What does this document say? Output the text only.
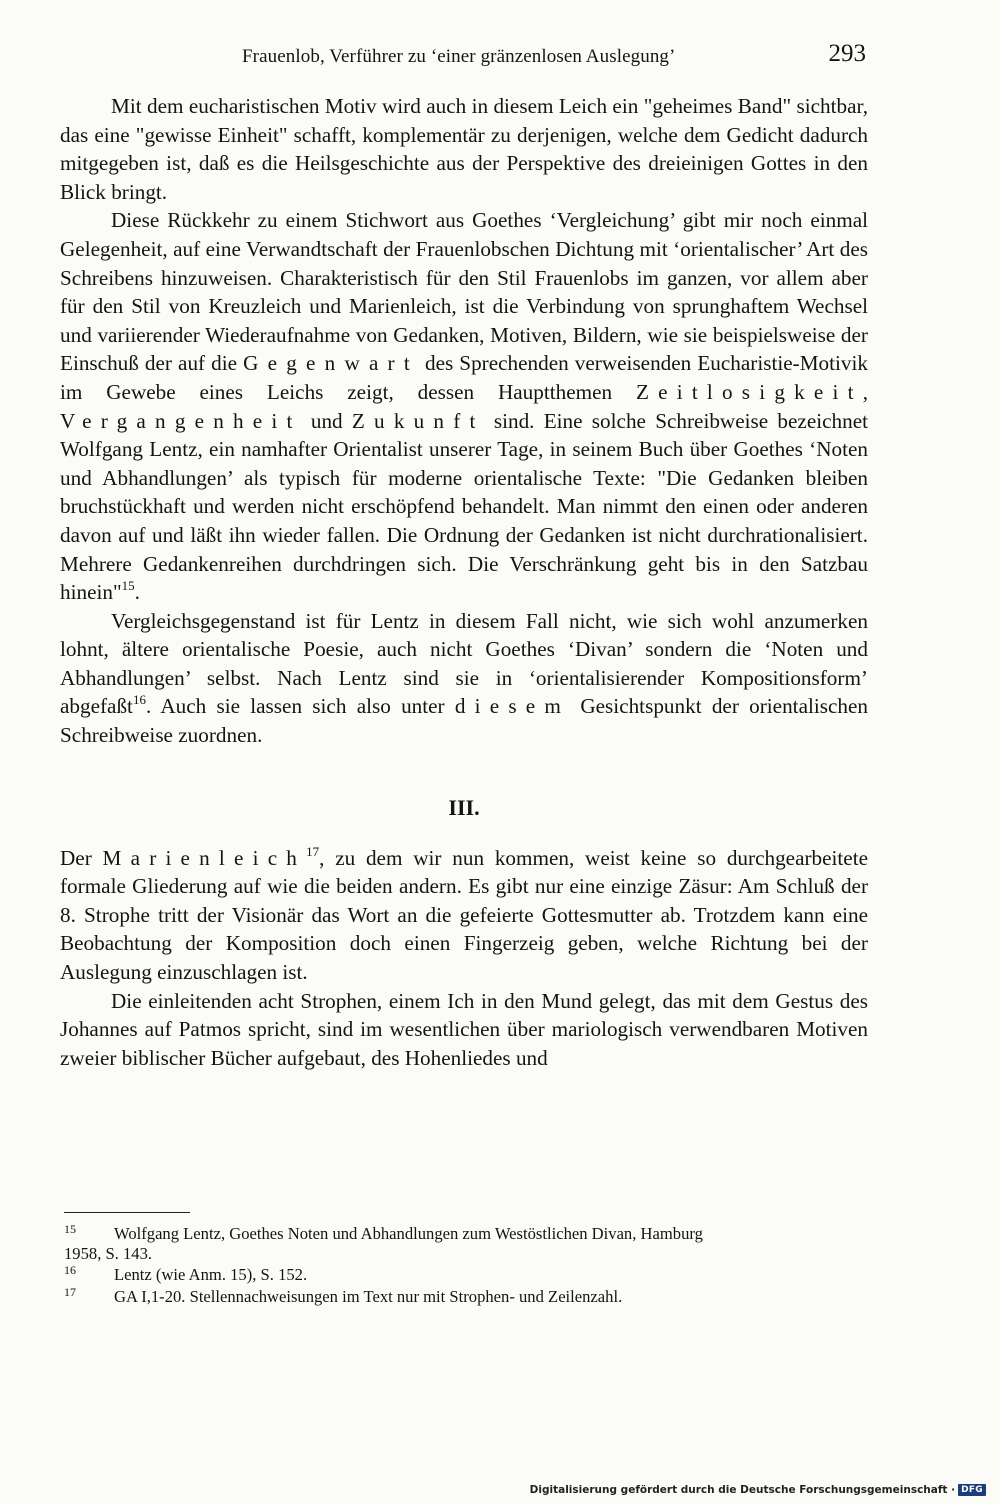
Frauenlob, Verführer zu ‘einer gränzenlosen Auslegung’	293

Mit dem eucharistischen Motiv wird auch in diesem Leich ein "geheimes Band" sichtbar, das eine "gewisse Einheit" schafft, komplementär zu derjenigen, welche dem Gedicht dadurch mitgegeben ist, daß es die Heilsgeschichte aus der Perspektive des dreieinigen Gottes in den Blick bringt.

Diese Rückkehr zu einem Stichwort aus Goethes ‘Vergleichung’ gibt mir noch einmal Gelegenheit, auf eine Verwandtschaft der Frauenlobschen Dichtung mit ‘orientalischer’ Art des Schreibens hinzuweisen. Charakteristisch für den Stil Frauenlobs im ganzen, vor allem aber für den Stil von Kreuzleich und Marienleich, ist die Verbindung von sprunghaftem Wechsel und variierender Wiederaufnahme von Gedanken, Motiven, Bildern, wie sie beispielsweise der Einschuß der auf die Gegenwart des Sprechenden verweisenden Eucharistie-Motivik im Gewebe eines Leichs zeigt, dessen Hauptthemen Zeitlosigkeit, Vergangenheit und Zukunft sind. Eine solche Schreibweise bezeichnet Wolfgang Lentz, ein namhafter Orientalist unserer Tage, in seinem Buch über Goethes ‘Noten und Abhandlungen’ als typisch für moderne orientalische Texte: "Die Gedanken bleiben bruchstückhaft und werden nicht erschöpfend behandelt. Man nimmt den einen oder anderen davon auf und läßt ihn wieder fallen. Die Ordnung der Gedanken ist nicht durchrationalisiert. Mehrere Gedankenreihen durchdringen sich. Die Verschränkung geht bis in den Satzbau hinein"$^{15}$.

Vergleichsgegenstand ist für Lentz in diesem Fall nicht, wie sich wohl anzumerken lohnt, ältere orientalische Poesie, auch nicht Goethes ‘Divan’ sondern die ‘Noten und Abhandlungen’ selbst. Nach Lentz sind sie in ‘orientalisierender Kompositionsform’ abgefaßt$^{16}$. Auch sie lassen sich also unter diesem Gesichtspunkt der orientalischen Schreibweise zuordnen.

III.

Der Marienleich$^{17}$, zu dem wir nun kommen, weist keine so durchgearbeitete formale Gliederung auf wie die beiden andern. Es gibt nur eine einzige Zäsur: Am Schluß der 8. Strophe tritt der Visionär das Wort an die gefeierte Gottesmutter ab. Trotzdem kann eine Beobachtung der Komposition doch einen Fingerzeig geben, welche Richtung bei der Auslegung einzuschlagen ist.

Die einleitenden acht Strophen, einem Ich in den Mund gelegt, das mit dem Gestus des Johannes auf Patmos spricht, sind im wesentlichen über mariologisch verwendbaren Motiven zweier biblischer Bücher aufgebaut, des Hohenliedes und

15 Wolfgang Lentz, Goethes Noten und Abhandlungen zum Westöstlichen Divan, Hamburg
1958, S. 143.

16 Lentz (wie Anm. 15), S. 152.

17 GA I,1-20. Stellennachweisungen im Text nur mit Strophen- und Zeilenzahl.

Digitalisierung gefördert durch die Deutsche Forschungsgemeinschaft · DFG
